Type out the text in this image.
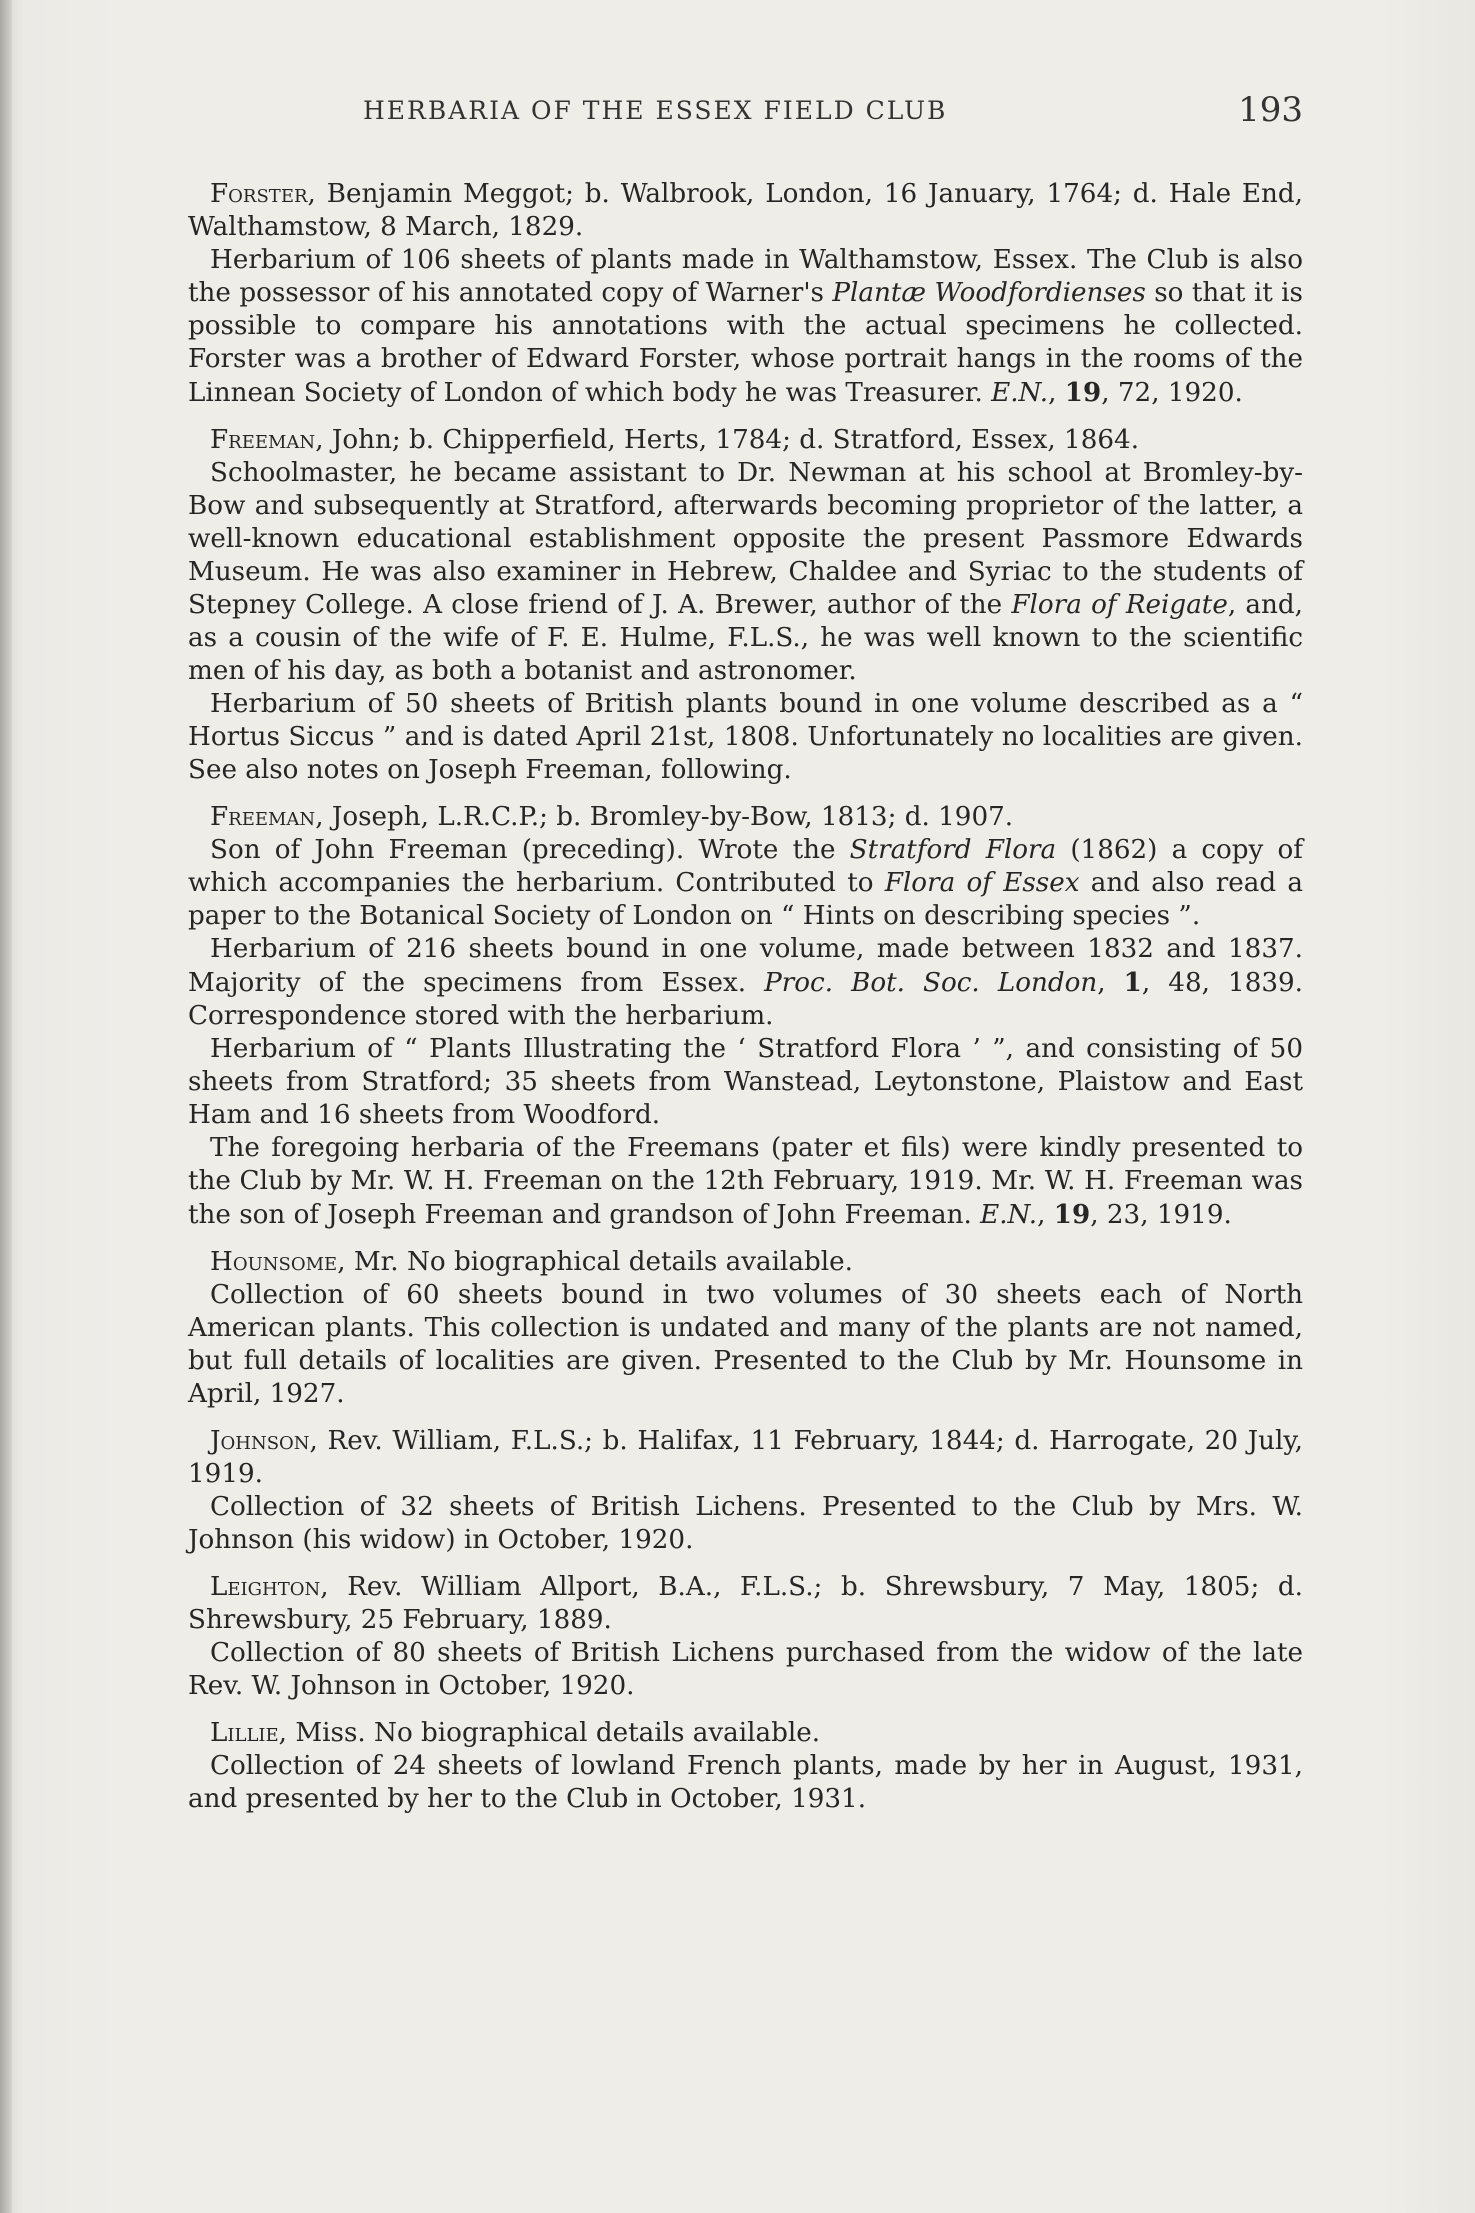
HERBARIA OF THE ESSEX FIELD CLUB	193

Forster, Benjamin Meggot; b. Walbrook, London, 16 January, 1764; d. Hale End, Walthamstow, 8 March, 1829.

Herbarium of 106 sheets of plants made in Walthamstow, Essex. The Club is also the possessor of his annotated copy of Warner's Plantæ Woodfordienses so that it is possible to compare his annotations with the actual specimens he collected. Forster was a brother of Edward Forster, whose portrait hangs in the rooms of the Linnean Society of London of which body he was Treasurer. E.N., 19, 72, 1920.

Freeman, John; b. Chipperfield, Herts, 1784; d. Stratford, Essex, 1864.

Schoolmaster, he became assistant to Dr. Newman at his school at Bromley-by-Bow and subsequently at Stratford, afterwards becoming proprietor of the latter, a well-known educational establishment opposite the present Passmore Edwards Museum. He was also examiner in Hebrew, Chaldee and Syriac to the students of Stepney College. A close friend of J. A. Brewer, author of the Flora of Reigate, and, as a cousin of the wife of F. E. Hulme, F.L.S., he was well known to the scientific men of his day, as both a botanist and astronomer.

Herbarium of 50 sheets of British plants bound in one volume described as a “ Hortus Siccus ” and is dated April 21st, 1808. Unfortunately no localities are given. See also notes on Joseph Freeman, following.

Freeman, Joseph, L.R.C.P.; b. Bromley-by-Bow, 1813; d. 1907.

Son of John Freeman (preceding). Wrote the Stratford Flora (1862) a copy of which accompanies the herbarium. Contributed to Flora of Essex and also read a paper to the Botanical Society of London on “ Hints on describing species ”.

Herbarium of 216 sheets bound in one volume, made between 1832 and 1837. Majority of the specimens from Essex. Proc. Bot. Soc. London, 1, 48, 1839. Correspondence stored with the herbarium.

Herbarium of “ Plants Illustrating the ‘ Stratford Flora ’ ”, and consisting of 50 sheets from Stratford; 35 sheets from Wanstead, Leytonstone, Plaistow and East Ham and 16 sheets from Woodford.

The foregoing herbaria of the Freemans (pater et fils) were kindly presented to the Club by Mr. W. H. Freeman on the 12th February, 1919. Mr. W. H. Freeman was the son of Joseph Freeman and grandson of John Freeman. E.N., 19, 23, 1919.

Hounsome, Mr. No biographical details available.

Collection of 60 sheets bound in two volumes of 30 sheets each of North American plants. This collection is undated and many of the plants are not named, but full details of localities are given. Presented to the Club by Mr. Hounsome in April, 1927.

Johnson, Rev. William, F.L.S.; b. Halifax, 11 February, 1844; d. Harrogate, 20 July, 1919.

Collection of 32 sheets of British Lichens. Presented to the Club by Mrs. W. Johnson (his widow) in October, 1920.

Leighton, Rev. William Allport, B.A., F.L.S.; b. Shrewsbury, 7 May, 1805; d. Shrewsbury, 25 February, 1889.

Collection of 80 sheets of British Lichens purchased from the widow of the late Rev. W. Johnson in October, 1920.

Lillie, Miss. No biographical details available.

Collection of 24 sheets of lowland French plants, made by her in August, 1931, and presented by her to the Club in October, 1931.
